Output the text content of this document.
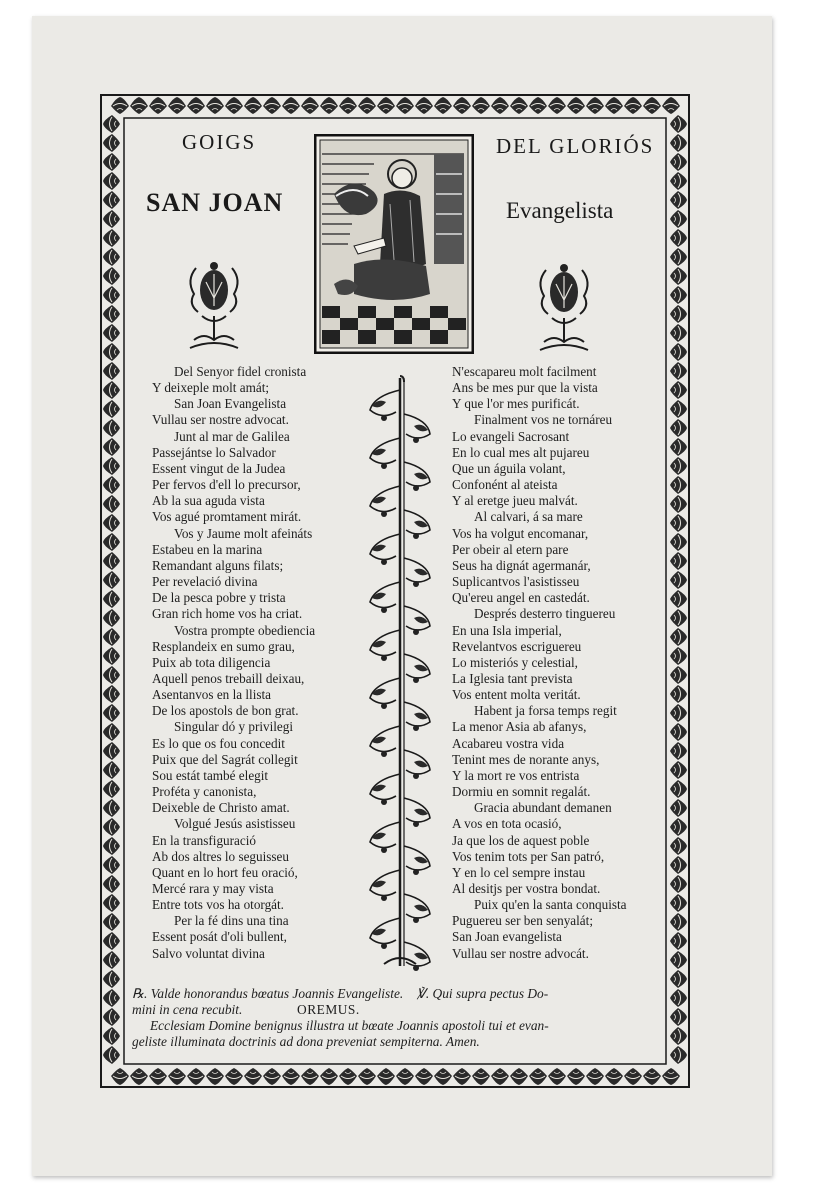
GOIGS	DEL GLORIÓS
SAN JOAN	Evangelista
Del Senyor fidel cronista
Y deixeple molt amát;
San Joan Evangelista
Vullau ser nostre advocat.
Junt al mar de Galilea
Passejántse lo Salvador
Essent vingut de la Judea
Per fervos d'ell lo precursor,
Ab la sua aguda vista
Vos agué promtament mirát.
Vos y Jaume molt afeináts
Estabeu en la marina
Remandant alguns filats;
Per revelació divina
De la pesca pobre y trista
Gran rich home vos ha criat.
Vostra prompte obediencia
Resplandeix en sumo grau,
Puix ab tota diligencia
Aquell penos trebaill deixau,
Asentanvos en la llista
De los apostols de bon grat.
Singular dó y privilegi
Es lo que os fou concedit
Puix que del Sagrát collegit
Sou estát també elegit
Proféta y canonista,
Deixeble de Christo amat.
Volgué Jesús asistisseu
En la transfiguració
Ab dos altres lo seguisseu
Quant en lo hort feu oració,
Mercé rara y may vista
Entre tots vos ha otorgát.
Per la fé dins una tina
Essent posát d'oli bullent,
Salvo voluntat divina
N'escapareu molt facilment
Ans be mes pur que la vista
Y que l'or mes purificát.
Finalment vos ne tornáreu
Lo evangeli Sacrosant
En lo cual mes alt pujareu
Que un águila volant,
Confonént al ateista
Y al eretge jueu malvát.
Al calvari, á sa mare
Vos ha volgut encomanar,
Per obeir al etern pare
Seus ha dignát agermanár,
Suplicantvos l'asistisseu
Qu'ereu angel en castedát.
Després desterro tinguereu
En una Isla imperial,
Revelantvos escriguereu
Lo misteriós y celestial,
La Iglesia tant prevista
Vos entent molta veritát.
Habent ja forsa temps regit
La menor Asia ab afanys,
Acabareu vostra vida
Tenint mes de norante anys,
Y la mort re vos entrista
Dormiu en somnit regalát.
Gracia abundant demanen
A vos en tota ocasió,
Ja que los de aquest poble
Vos tenim tots per San patró,
Y en lo cel sempre instau
Al desitjs per vostra bondat.
Puix qu'en la santa conquista
Puguereu ser ben senyalát;
San Joan evangelista
Vullau ser nostre advocát.
℞. Valde honorandus bœatus Joannis Evangeliste. ℣. Qui supra pectus Do-
mini in cena recubit.	OREMUS.
Ecclesiam Domine benignus illustra ut bœate Joannis apostoli tui et evan-
geliste illuminata doctrinis ad dona preveniat sempiterna. Amen.
